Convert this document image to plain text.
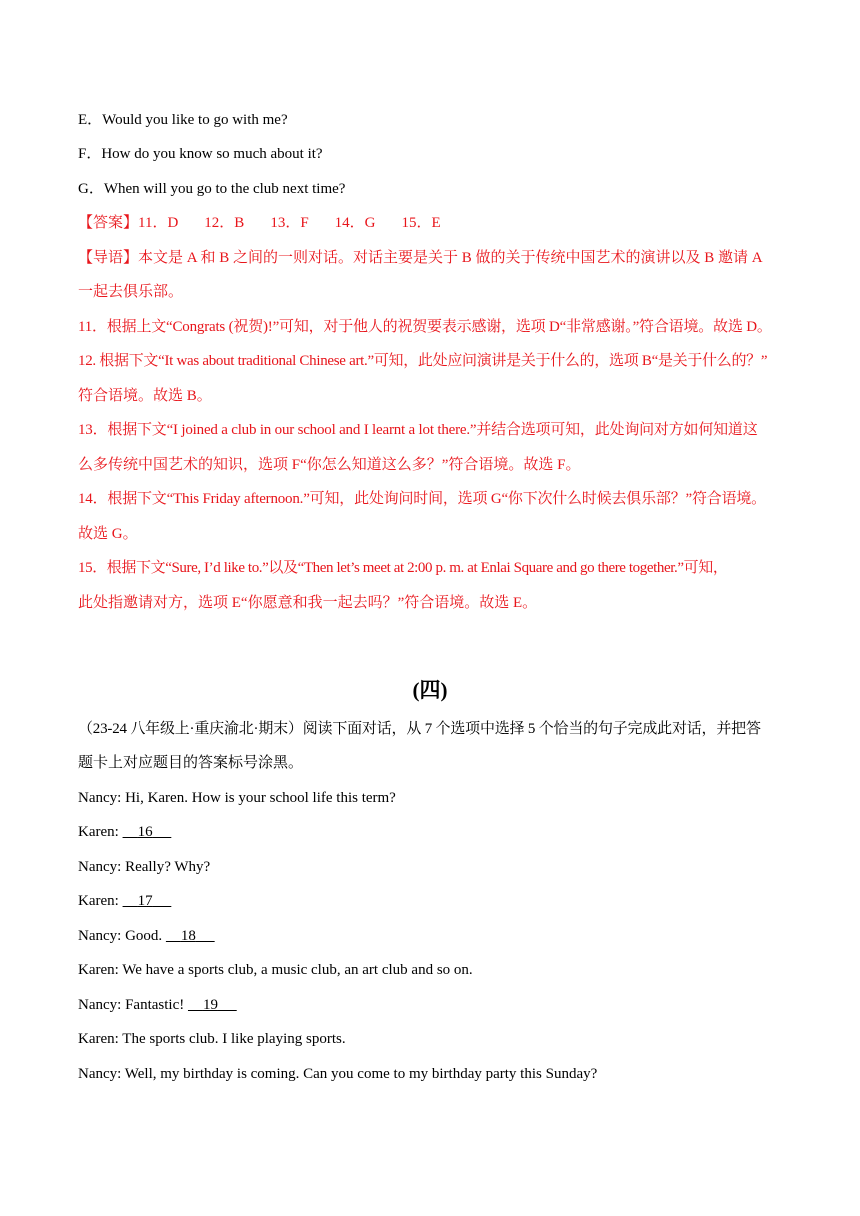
E．Would you like to go with me?
F．How do you know so much about it?
G．When will you go to the club next time?
【答案】11．D 12．B 13．F 14．G 15．E
【导语】本文是 A 和 B 之间的一则对话。对话主要是关于 B 做的关于传统中国艺术的演讲以及 B 邀请 A
一起去俱乐部。
11．根据上文“Congrats (祝贺)!”可知，对于他人的祝贺要表示感谢，选项 D“非常感谢。”符合语境。故选 D。
12. 根据下文“It was about traditional Chinese art.”可知，此处应问演讲是关于什么的，选项 B“是关于什么的？”
符合语境。故选 B。
13．根据下文“I joined a club in our school and I learnt a lot there.”并结合选项可知，此处询问对方如何知道这
么多传统中国艺术的知识，选项 F“你怎么知道这么多？”符合语境。故选 F。
14．根据下文“This Friday afternoon.”可知，此处询问时间，选项 G“你下次什么时候去俱乐部？”符合语境。
故选 G。
15．根据下文“Sure, I’d like to.”以及“Then let’s meet at 2:00 p. m. at Enlai Square and go there together.”可知，
此处指邀请对方，选项 E“你愿意和我一起去吗？”符合语境。故选 E。
(四)
（23-24 八年级上·重庆渝北·期末）阅读下面对话，从 7 个选项中选择 5 个恰当的句子完成此对话，并把答
题卡上对应题目的答案标号涂黑。
Nancy: Hi, Karen. How is your school life this term?
Karen: 16
Nancy: Really? Why?
Karen: 17
Nancy: Good. 18
Karen: We have a sports club, a music club, an art club and so on.
Nancy: Fantastic! 19
Karen: The sports club. I like playing sports.
Nancy: Well, my birthday is coming. Can you come to my birthday party this Sunday?
